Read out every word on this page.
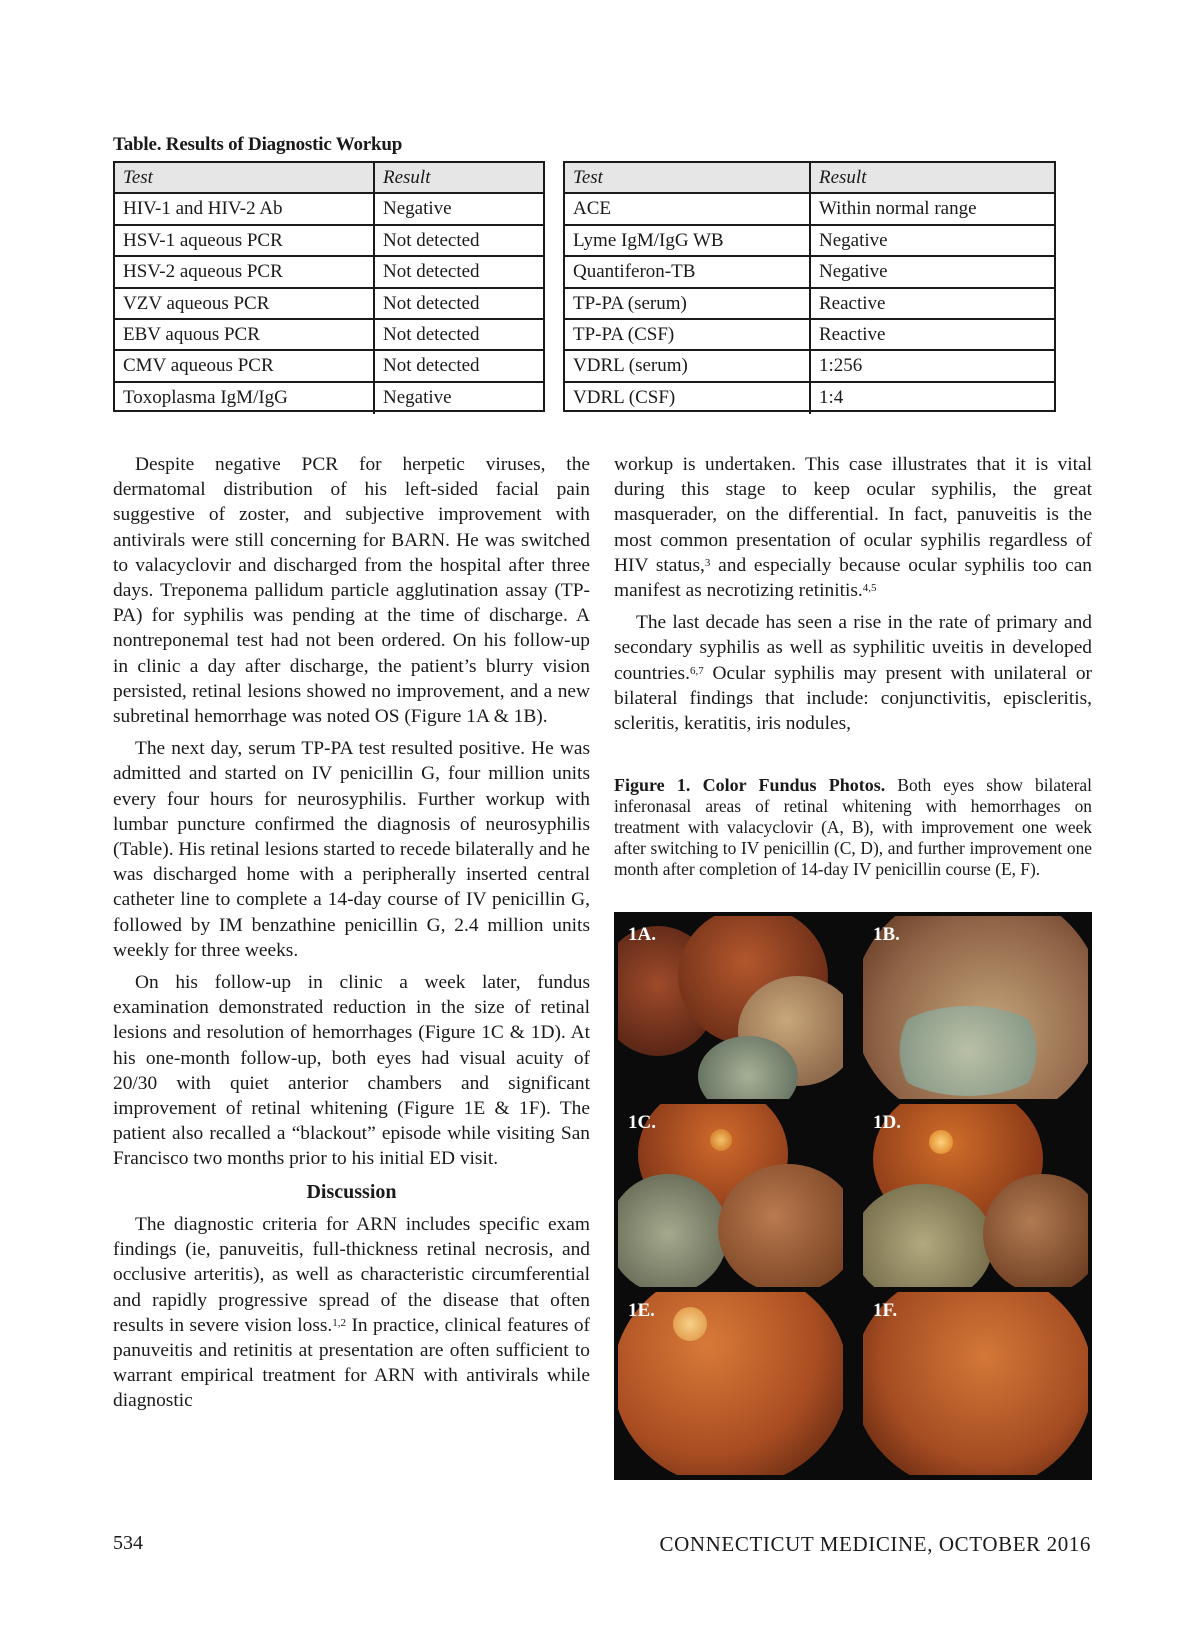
Table. Results of Diagnostic Workup
Test	Result
HIV-1 and HIV-2 Ab	Negative
HSV-1 aqueous PCR	Not detected
HSV-2 aqueous PCR	Not detected
VZV aqueous PCR	Not detected
EBV aquous PCR	Not detected
CMV aqueous PCR	Not detected
Toxoplasma IgM/IgG	Negative
Test	Result
ACE	Within normal range
Lyme IgM/IgG WB	Negative
Quantiferon-TB	Negative
TP-PA (serum)	Reactive
TP-PA (CSF)	Reactive
VDRL (serum)	1:256
VDRL (CSF)	1:4

Despite negative PCR for herpetic viruses, the dermatomal distribution of his left-sided facial pain suggestive of zoster, and subjective improvement with antivirals were still concerning for BARN. He was switched to valacyclovir and discharged from the hospital after three days. Treponema pallidum particle agglutination assay (TP-PA) for syphilis was pending at the time of discharge. A nontreponemal test had not been ordered. On his follow-up in clinic a day after discharge, the patient’s blurry vision persisted, retinal lesions showed no improvement, and a new subretinal hemorrhage was noted OS (Figure 1A & 1B).

The next day, serum TP-PA test resulted positive. He was admitted and started on IV penicillin G, four million units every four hours for neurosyphilis. Further workup with lumbar puncture confirmed the diagnosis of neurosyphilis (Table). His retinal lesions started to recede bilaterally and he was discharged home with a peripherally inserted central catheter line to complete a 14-day course of IV penicillin G, followed by IM benzathine penicillin G, 2.4 million units weekly for three weeks.

On his follow-up in clinic a week later, fundus examination demonstrated reduction in the size of retinal lesions and resolution of hemorrhages (Figure 1C & 1D). At his one-month follow-up, both eyes had visual acuity of 20/30 with quiet anterior chambers and significant improvement of retinal whitening (Figure 1E & 1F). The patient also recalled a “blackout” episode while visiting San Francisco two months prior to his initial ED visit.

Discussion

The diagnostic criteria for ARN includes specific exam findings (ie, panuveitis, full-thickness retinal necrosis, and occlusive arteritis), as well as characteristic circumferential and rapidly progressive spread of the disease that often results in severe vision loss.$^{1,2}$ In practice, clinical features of panuveitis and retinitis at presentation are often sufficient to warrant empirical treatment for ARN with antivirals while diagnostic

workup is undertaken. This case illustrates that it is vital during this stage to keep ocular syphilis, the great masquerader, on the differential. In fact, panuveitis is the most common presentation of ocular syphilis regardless of HIV status,$^3$ and especially because ocular syphilis too can manifest as necrotizing retinitis.$^{4,5}$

The last decade has seen a rise in the rate of primary and secondary syphilis as well as syphilitic uveitis in developed countries.$^{6,7}$ Ocular syphilis may present with unilateral or bilateral findings that include: conjunctivitis, episcleritis, scleritis, keratitis, iris nodules,

Figure 1. Color Fundus Photos. Both eyes show bilateral inferonasal areas of retinal whitening with hemorrhages on treatment with valacyclovir (A, B), with improvement one week after switching to IV penicillin (C, D), and further improvement one month after completion of 14-day IV penicillin course (E, F).
1A.	1B.
1C.	1D.
1E.	1F.
534	CONNECTICUT MEDICINE, OCTOBER 2016
